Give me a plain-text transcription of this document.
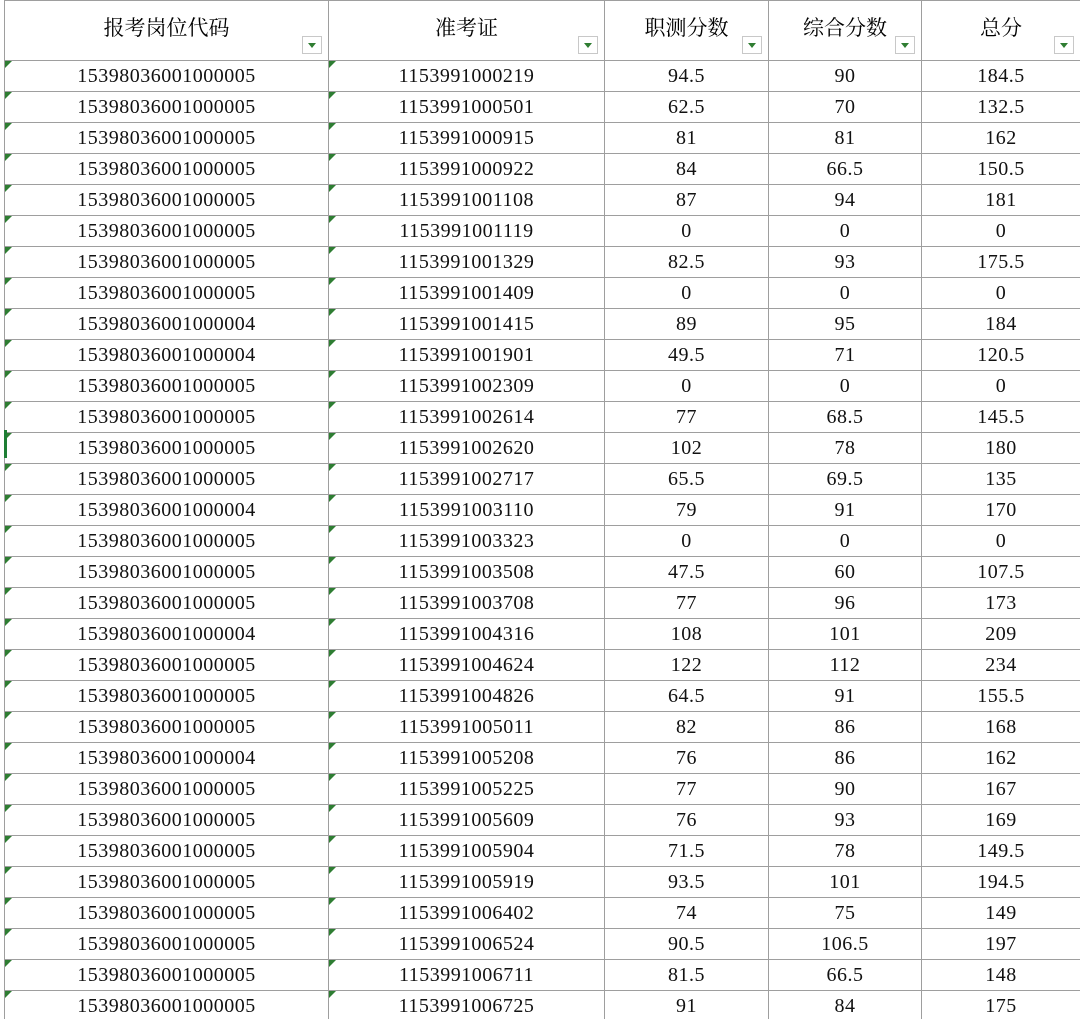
报考岗位代码	准考证	职测分数	综合分数	总分

15398036001000005	1153991000219	94.5	90	184.5

15398036001000005	1153991000501	62.5	70	132.5

15398036001000005	1153991000915	81	81	162

15398036001000005	1153991000922	84	66.5	150.5

15398036001000005	1153991001108	87	94	181

15398036001000005	1153991001119	0	0	0

15398036001000005	1153991001329	82.5	93	175.5

15398036001000005	1153991001409	0	0	0

15398036001000004	1153991001415	89	95	184

15398036001000004	1153991001901	49.5	71	120.5

15398036001000005	1153991002309	0	0	0

15398036001000005	1153991002614	77	68.5	145.5

15398036001000005	1153991002620	102	78	180

15398036001000005	1153991002717	65.5	69.5	135

15398036001000004	1153991003110	79	91	170

15398036001000005	1153991003323	0	0	0

15398036001000005	1153991003508	47.5	60	107.5

15398036001000005	1153991003708	77	96	173

15398036001000004	1153991004316	108	101	209

15398036001000005	1153991004624	122	112	234

15398036001000005	1153991004826	64.5	91	155.5

15398036001000005	1153991005011	82	86	168

15398036001000004	1153991005208	76	86	162

15398036001000005	1153991005225	77	90	167

15398036001000005	1153991005609	76	93	169

15398036001000005	1153991005904	71.5	78	149.5

15398036001000005	1153991005919	93.5	101	194.5

15398036001000005	1153991006402	74	75	149

15398036001000005	1153991006524	90.5	106.5	197

15398036001000005	1153991006711	81.5	66.5	148

15398036001000005	1153991006725	91	84	175
